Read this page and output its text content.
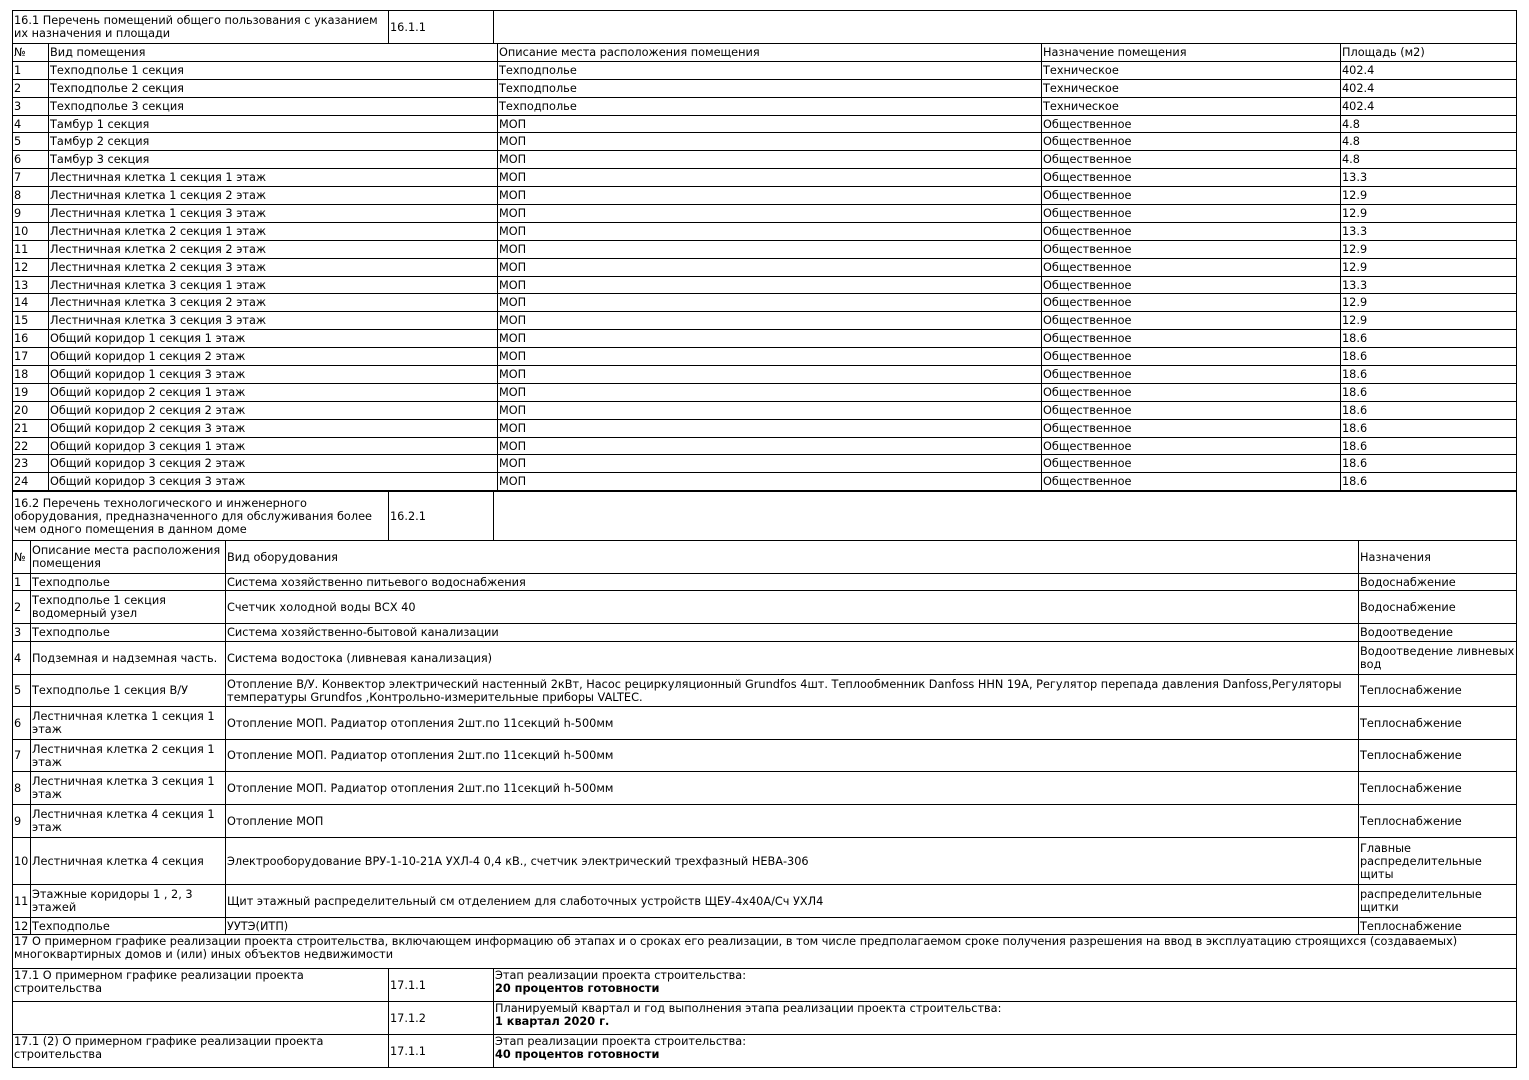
16.1 Перечень помещений общего пользования с указанием их назначения и площади	16.1.1	
№	Вид помещения	Описание места расположения помещения	Назначение помещения	Площадь (м2)
1	Техподполье 1 секция	Техподполье	Техническое	402.4
2	Техподполье 2 секция	Техподполье	Техническое	402.4
3	Техподполье 3 секция	Техподполье	Техническое	402.4
4	Тамбур 1 секция	МОП	Общественное	4.8
5	Тамбур 2 секция	МОП	Общественное	4.8
6	Тамбур 3 секция	МОП	Общественное	4.8
7	Лестничная клетка 1 секция 1 этаж	МОП	Общественное	13.3
8	Лестничная клетка 1 секция 2 этаж	МОП	Общественное	12.9
9	Лестничная клетка 1 секция 3 этаж	МОП	Общественное	12.9
10	Лестничная клетка 2 секция 1 этаж	МОП	Общественное	13.3
11	Лестничная клетка 2 секция 2 этаж	МОП	Общественное	12.9
12	Лестничная клетка 2 секция 3 этаж	МОП	Общественное	12.9
13	Лестничная клетка 3 секция 1 этаж	МОП	Общественное	13.3
14	Лестничная клетка 3 секция 2 этаж	МОП	Общественное	12.9
15	Лестничная клетка 3 секция 3 этаж	МОП	Общественное	12.9
16	Общий коридор 1 секция 1 этаж	МОП	Общественное	18.6
17	Общий коридор 1 секция 2 этаж	МОП	Общественное	18.6
18	Общий коридор 1 секция 3 этаж	МОП	Общественное	18.6
19	Общий коридор 2 секция 1 этаж	МОП	Общественное	18.6
20	Общий коридор 2 секция 2 этаж	МОП	Общественное	18.6
21	Общий коридор 2 секция 3 этаж	МОП	Общественное	18.6
22	Общий коридор 3 секция 1 этаж	МОП	Общественное	18.6
23	Общий коридор 3 секция 2 этаж	МОП	Общественное	18.6
24	Общий коридор 3 секция 3 этаж	МОП	Общественное	18.6
16.2 Перечень технологического и инженерного оборудования, предназначенного для обслуживания более чем одного помещения в данном доме	16.2.1	
№	Описание места расположения помещения	Вид оборудования	Назначения
1	Техподполье	Система хозяйственно питьевого водоснабжения	Водоснабжение
2	Техподполье 1 секция водомерный узел	Счетчик холодной воды ВСХ 40	Водоснабжение
3	Техподполье	Система хозяйственно-бытовой канализации	Водоотведение
4	Подземная и надземная часть.	Система водостока (ливневая канализация)	Водоотведение ливневых вод
5	Техподполье 1 секция В/У	Отопление В/У. Конвектор электрический настенный 2кВт, Насос рециркуляционный Grundfos 4шт. Теплообменник Danfoss HHN 19A, Регулятор перепада давления Danfoss,Регуляторы температуры Grundfos ,Контрольно-измерительные приборы VALTEC.	Теплоснабжение
6	Лестничная клетка 1 секция 1 этаж	Отопление МОП. Радиатор отопления 2шт.по 11секций h-500мм	Теплоснабжение
7	Лестничная клетка 2 секция 1 этаж	Отопление МОП. Радиатор отопления 2шт.по 11секций h-500мм	Теплоснабжение
8	Лестничная клетка 3 секция 1 этаж	Отопление МОП. Радиатор отопления 2шт.по 11секций h-500мм	Теплоснабжение
9	Лестничная клетка 4 секция 1 этаж	Отопление МОП	Теплоснабжение
10	Лестничная клетка 4 секция	Электрооборудование ВРУ-1-10-21А УХЛ-4 0,4 кВ., счетчик электрический трехфазный НЕВА-306	Главные распределительные щиты
11	Этажные коридоры 1 , 2, 3 этажей	Щит этажный распределительный см отделением для слаботочных устройств ЩЕУ-4х40А/Сч УХЛ4	распределительные щитки
12	Техподполье	УУТЭ(ИТП)	Теплоснабжение
17 О примерном графике реализации проекта строительства, включающем информацию об этапах и о сроках его реализации, в том числе предполагаемом сроке получения разрешения на ввод в эксплуатацию строящихся (создаваемых) многоквартирных домов и (или) иных объектов недвижимости		
17.1 О примерном графике реализации проекта строительства	17.1.1	Этап реализации проекта строительства:
20 процентов готовности
	17.1.2	Планируемый квартал и год выполнения этапа реализации проекта строительства:
1 квартал 2020 г.
17.1 (2) О примерном графике реализации проекта строительства	17.1.1	Этап реализации проекта строительства:
40 процентов готовности
